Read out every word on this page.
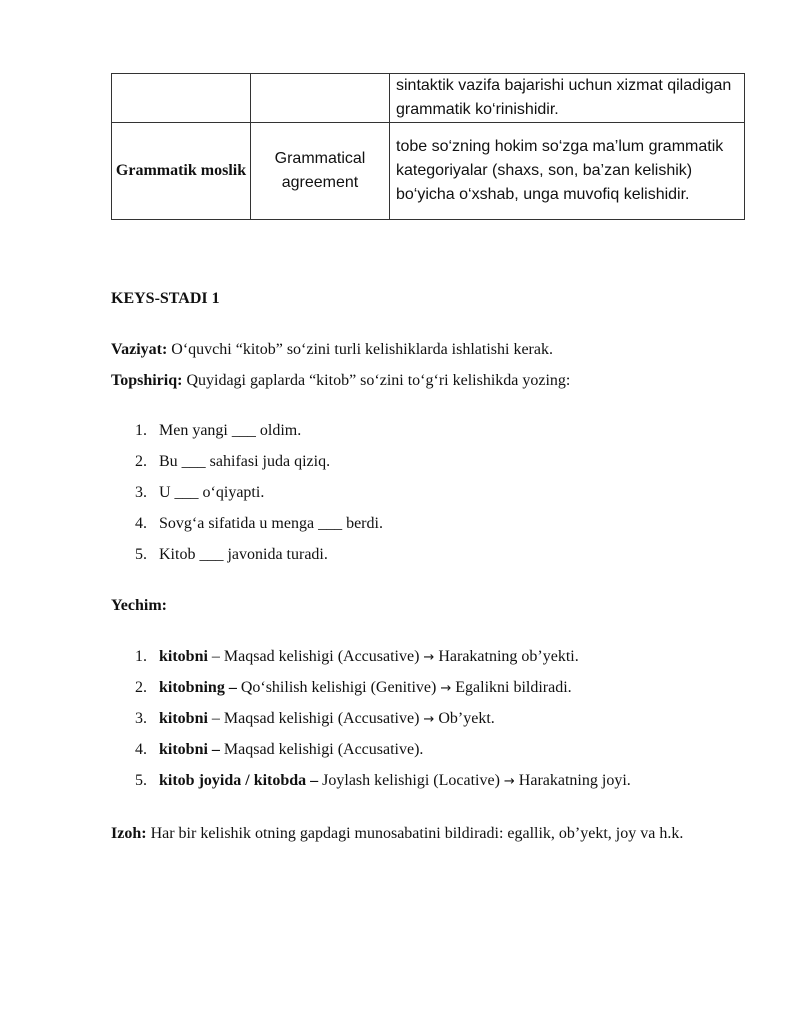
		sintaktik vazifa bajarishi uchun xizmat qiladigan grammatik ko‘rinishidir.
Grammatik moslik	Grammatical agreement	tobe so‘zning hokim so‘zga ma’lum grammatik kategoriyalar (shaxs, son, ba’zan kelishik) bo‘yicha o‘xshab, unga muvofiq kelishidir.
KEYS-STADI 1
Vaziyat: O‘quvchi “kitob” so‘zini turli kelishiklarda ishlatishi kerak.
Topshiriq: Quyidagi gaplarda “kitob” so‘zini to‘g‘ri kelishikda yozing:
1. Men yangi ___ oldim.
2. Bu ___ sahifasi juda qiziq.
3. U ___ o‘qiyapti.
4. Sovg‘a sifatida u menga ___ berdi.
5. Kitob ___ javonida turadi.
Yechim:
1. kitobni – Maqsad kelishigi (Accusative) → Harakatning ob’yekti.
2. kitobning – Qo‘shilish kelishigi (Genitive) → Egalikni bildiradi.
3. kitobni – Maqsad kelishigi (Accusative) → Ob’yekt.
4. kitobni – Maqsad kelishigi (Accusative).
5. kitob joyida / kitobda – Joylash kelishigi (Locative) → Harakatning joyi.
Izoh: Har bir kelishik otning gapdagi munosabatini bildiradi: egallik, ob’yekt, joy va h.k.
